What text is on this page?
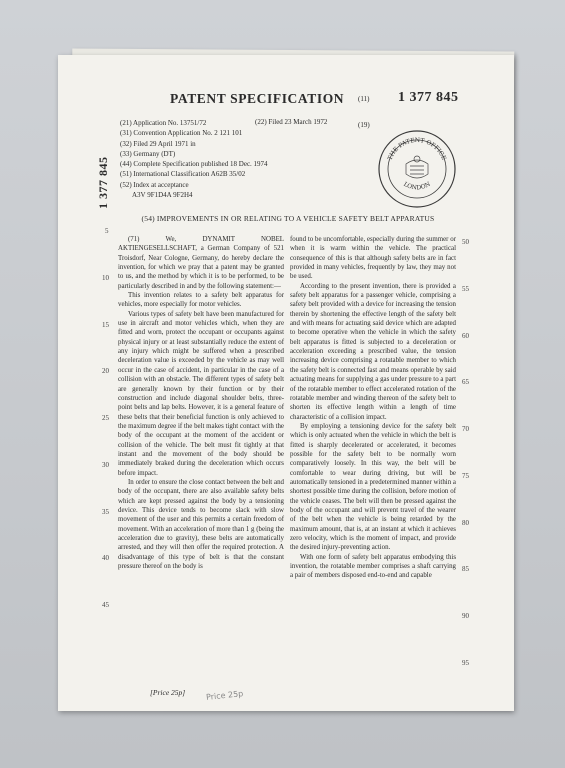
PATENT SPECIFICATION (11) 1 377 845
1 377 845
(21) Application No. 13751/72
(31) Convention Application No. 2 121 101
(32) Filed 29 April 1971 in
(33) Germany (DT)
(44) Complete Specification published 18 Dec. 1974
(51) International Classification A62B 35/02
(52) Index at acceptance
A3V 9F1D4A 9F2H4
(22) Filed 23 March 1972	(19)
THE PATENT OFFICE
LONDON
(54) IMPROVEMENTS IN OR RELATING TO A VEHICLE SAFETY BELT APPARATUS

(71) We, DYNAMIT NOBEL AKTIENGESELLSCHAFT, a German Company of 521 Troisdorf, Near Cologne, Germany, do hereby declare the invention, for which we pray that a patent may be granted to us, and the method by which it is to be performed, to be particularly described in and by the following statement:—

This invention relates to a safety belt apparatus for vehicles, more especially for motor vehicles.

Various types of safety belt have been manufactured for use in aircraft and motor vehicles which, when they are fitted and worn, protect the occupant or occupants against physical injury or at least substantially reduce the extent of any injury which might be suffered when a prescribed deceleration value is exceeded by the vehicle as may well occur in the case of accident, in particular in the case of a collision with an obstacle. The different types of safety belt are generally known by their function or by their construction and include diagonal shoulder belts, three-point belts and lap belts. However, it is a general feature of these belts that their beneficial function is only achieved to the maximum degree if the belt makes tight contact with the body of the occupant at the moment of the accident or collision of the vehicle. The belt must fit tightly at that instant and the movement of the body should be immediately braked during the deceleration which occurs before impact.

In order to ensure the close contact between the belt and body of the occupant, there are also available safety belts which are kept pressed against the body by a tensioning device. This device tends to become slack with slow movement of the user and this permits a certain freedom of movement. With an acceleration of more than 1 g (being the acceleration due to gravity), these belts are automatically arrested, and they will then offer the required protection. A disadvantage of this type of belt is that the constant pressure thereof on the body is

found to be uncomfortable, especially during the summer or when it is warm within the vehicle. The practical consequence of this is that although safety belts are in fact provided in many vehicles, frequently by law, they may not be used.

According to the present invention, there is provided a safety belt apparatus for a passenger vehicle, comprising a safety belt provided with a device for increasing the tension therein by shortening the effective length of the safety belt and with means for actuating said device which are adapted to become operative when the vehicle in which the safety belt apparatus is fitted is subjected to a deceleration or acceleration exceeding a prescribed value, the tension increasing device comprising a rotatable member to which the safety belt is connected fast and means operable by said actuating means for supplying a gas under pressure to a part of the rotatable member to effect accelerated rotation of the rotatable member and winding thereon of the safety belt to shorten its effective length within a length of time characteristic of a collision impact.

By employing a tensioning device for the safety belt which is only actuated when the vehicle in which the belt is fitted is sharply decelerated or accelerated, it becomes possible for the safety belt to be normally worn comparatively loosely. In this way, the belt will be comfortable to wear during driving, but will be automatically tensioned in a predetermined manner within a shortest possible time during the collision, before motion of the vehicle ceases. The belt will then be pressed against the body of the occupant and will prevent travel of the wearer of the belt when the vehicle is being retarded by the maximum amount, that is, at an instant at which it achieves zero velocity, which is the moment of impact, and provide the desired injury-preventing action.

With one form of safety belt apparatus embodying this invention, the rotatable member comprises a shaft carrying a pair of members disposed end-to-end and capable

5
10
15
20
25
30
35
40
45
50
55
60
65
70
75
80
85
90
95
[Price 25p]	Price 25p
